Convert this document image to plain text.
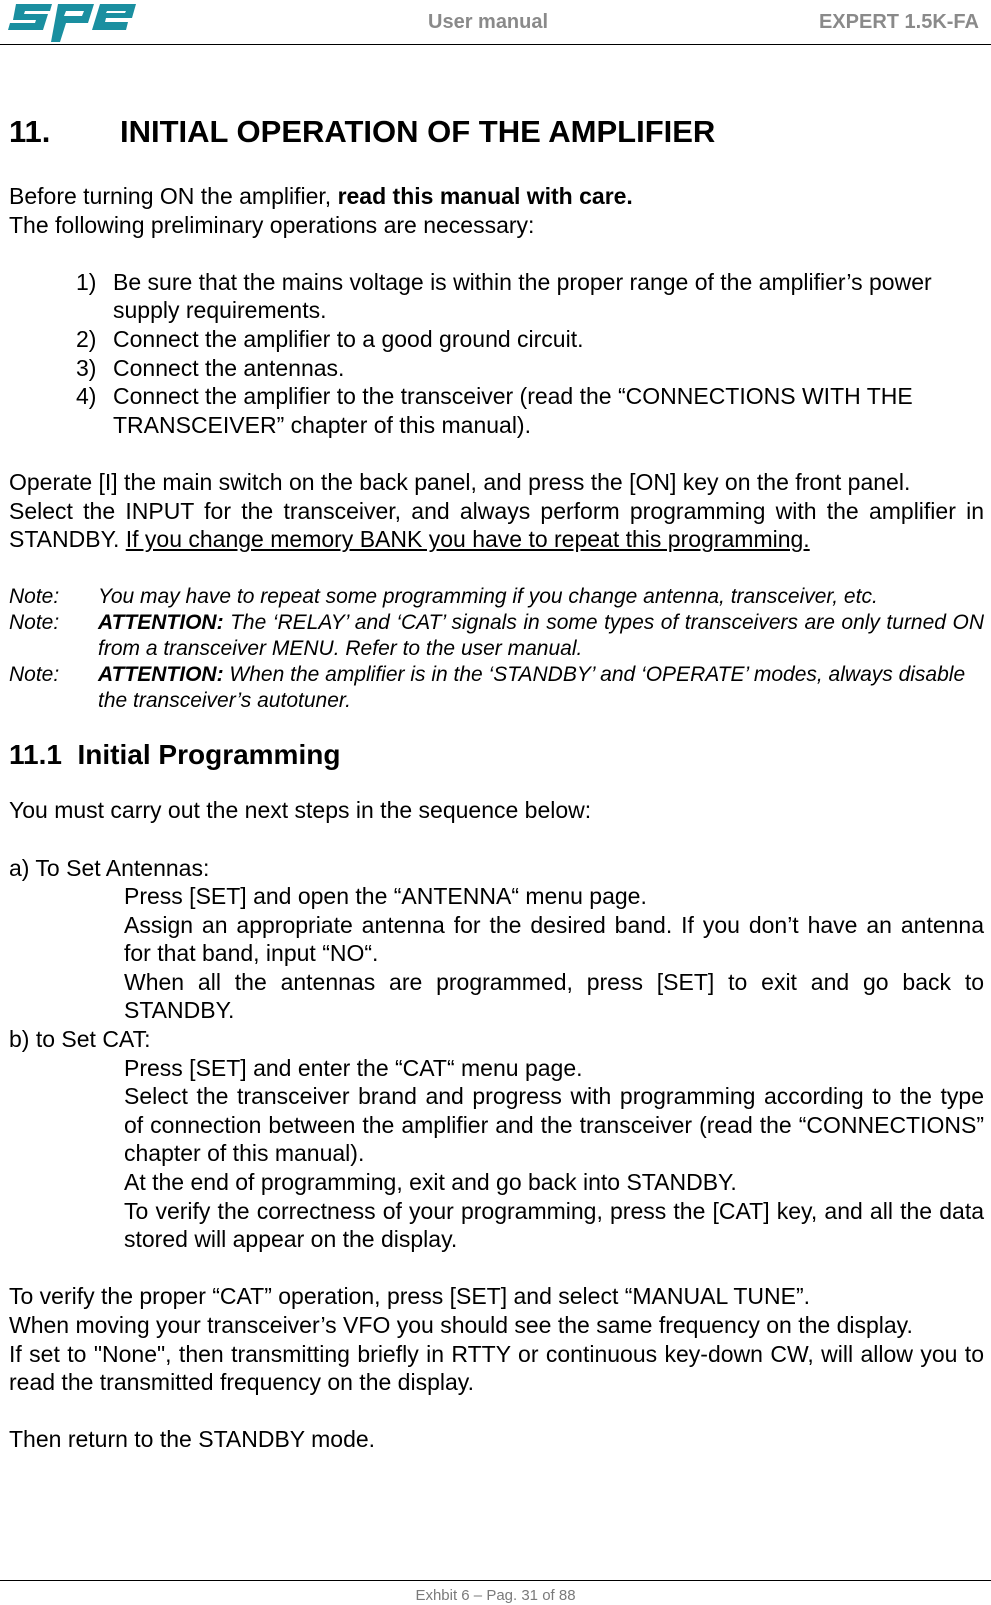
User manual	EXPERT 1.5K-FA
11. INITIAL OPERATION OF THE AMPLIFIER

Before turning ON the amplifier, read this manual with care.

The following preliminary operations are necessary:

1) Be sure that the mains voltage is within the proper range of the amplifier’s power supply requirements.
2) Connect the amplifier to a good ground circuit.
3) Connect the antennas.
4) Connect the amplifier to the transceiver (read the “CONNECTIONS WITH THE TRANSCEIVER” chapter of this manual).

Operate [I] the main switch on the back panel, and press the [ON] key on the front panel.

Select the INPUT for the transceiver, and always perform programming with the amplifier in STANDBY. If you change memory BANK you have to repeat this programming.

Note: You may have to repeat some programming if you change antenna, transceiver, etc.
Note: ATTENTION: The ‘RELAY’ and ‘CAT’ signals in some types of transceivers are only turned ON from a transceiver MENU. Refer to the user manual.
Note: ATTENTION: When the amplifier is in the ‘STANDBY’ and ‘OPERATE’ modes, always disable the transceiver’s autotuner.
11.1 Initial Programming

You must carry out the next steps in the sequence below:

a) To Set Antennas:

Press [SET] and open the “ANTENNA“ menu page.

Assign an appropriate antenna for the desired band. If you don’t have an antenna for that band, input “NO“.

When all the antennas are programmed, press [SET] to exit and go back to STANDBY.

b) to Set CAT:

Press [SET] and enter the “CAT“ menu page.

Select the transceiver brand and progress with programming according to the type of connection between the amplifier and the transceiver (read the “CONNECTIONS” chapter of this manual).

At the end of programming, exit and go back into STANDBY.

To verify the correctness of your programming, press the [CAT] key, and all the data stored will appear on the display.

To verify the proper “CAT” operation, press [SET] and select “MANUAL TUNE”.

When moving your transceiver’s VFO you should see the same frequency on the display.

If set to "None", then transmitting briefly in RTTY or continuous key-down CW, will allow you to read the transmitted frequency on the display.

Then return to the STANDBY mode.

Exhbit 6 – Pag. 31 of 88
